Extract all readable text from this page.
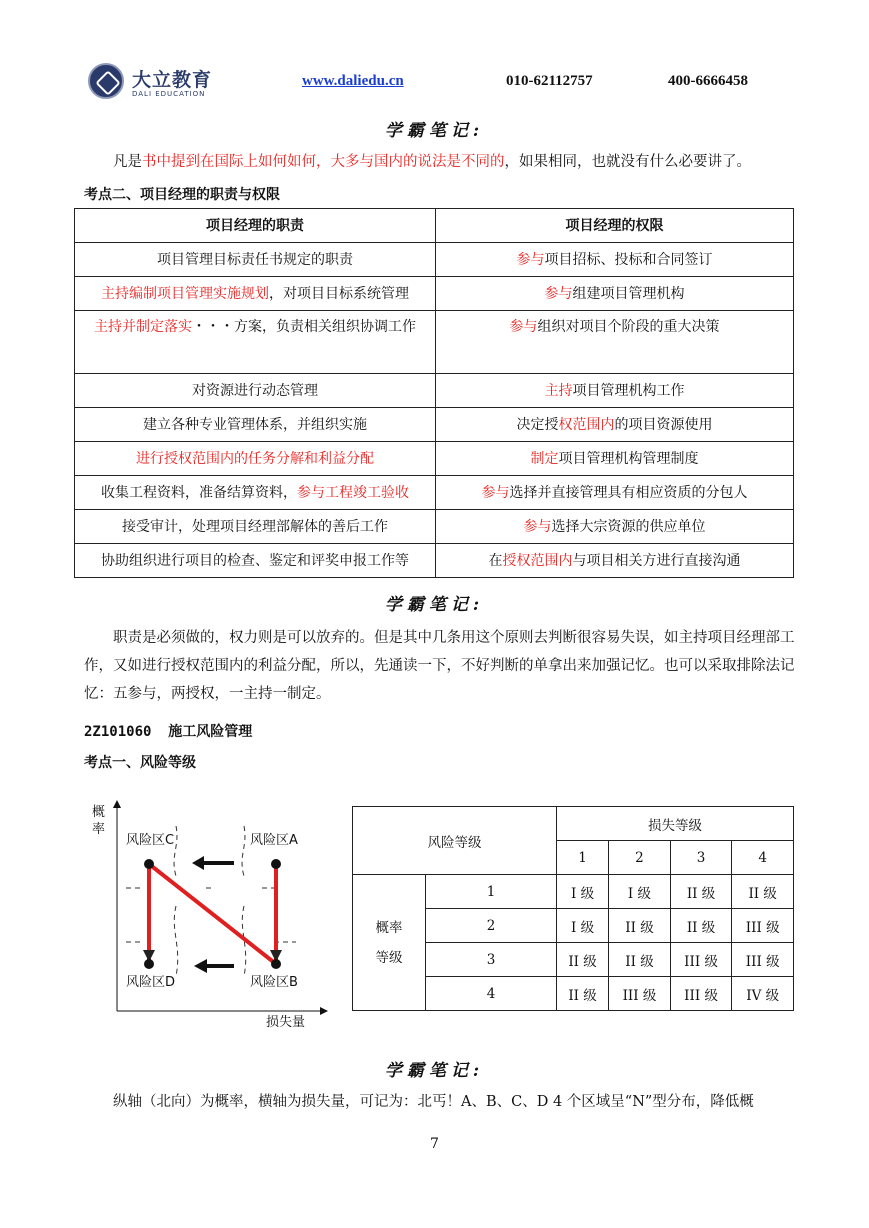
大立教育
DALI EDUCATION
www.daliedu.cn	010-62112757	400-6666458
学霸笔记:
凡是书中提到在国际上如何如何，大多与国内的说法是不同的，如果相同，也就没有什么必要讲了。
考点二、项目经理的职责与权限
项目经理的职责	项目经理的权限
项目管理目标责任书规定的职责	参与项目招标、投标和合同签订
主持编制项目管理实施规划，对项目目标系统管理	参与组建项目管理机构
主持并制定落实・・・方案，负责相关组织协调工作	参与组织对项目个阶段的重大决策
对资源进行动态管理	主持项目管理机构工作
建立各种专业管理体系，并组织实施	决定授权范围内的项目资源使用
进行授权范围内的任务分解和利益分配	制定项目管理机构管理制度
收集工程资料，准备结算资料，参与工程竣工验收	参与选择并直接管理具有相应资质的分包人
接受审计，处理项目经理部解体的善后工作	参与选择大宗资源的供应单位
协助组织进行项目的检查、鉴定和评奖申报工作等	在授权范围内与项目相关方进行直接沟通
学霸笔记:
职责是必须做的，权力则是可以放弃的。但是其中几条用这个原则去判断很容易失误，如主持项目经理部工作，又如进行授权范围内的利益分配，所以，先通读一下，不好判断的单拿出来加强记忆。也可以采取排除法记忆：五参与，两授权，一主持一制定。
2Z101060 施工风险管理
考点一、风险等级
概
率
损失量
风险区C	风险区A
风险区D	风险区B
风险等级		损失等级			
		1	2	3	4

概率
等级	1	I 级	I 级	II 级	II 级
	2	I 级	II 级	II 级	III 级
	3	II 级	II 级	III 级	III 级
	4	II 级	III 级	III 级	IV 级
学霸笔记:
纵轴（北向）为概率，横轴为损失量，可记为：北丐！A、B、C、D 4 个区域呈“N”型分布，降低概
7
